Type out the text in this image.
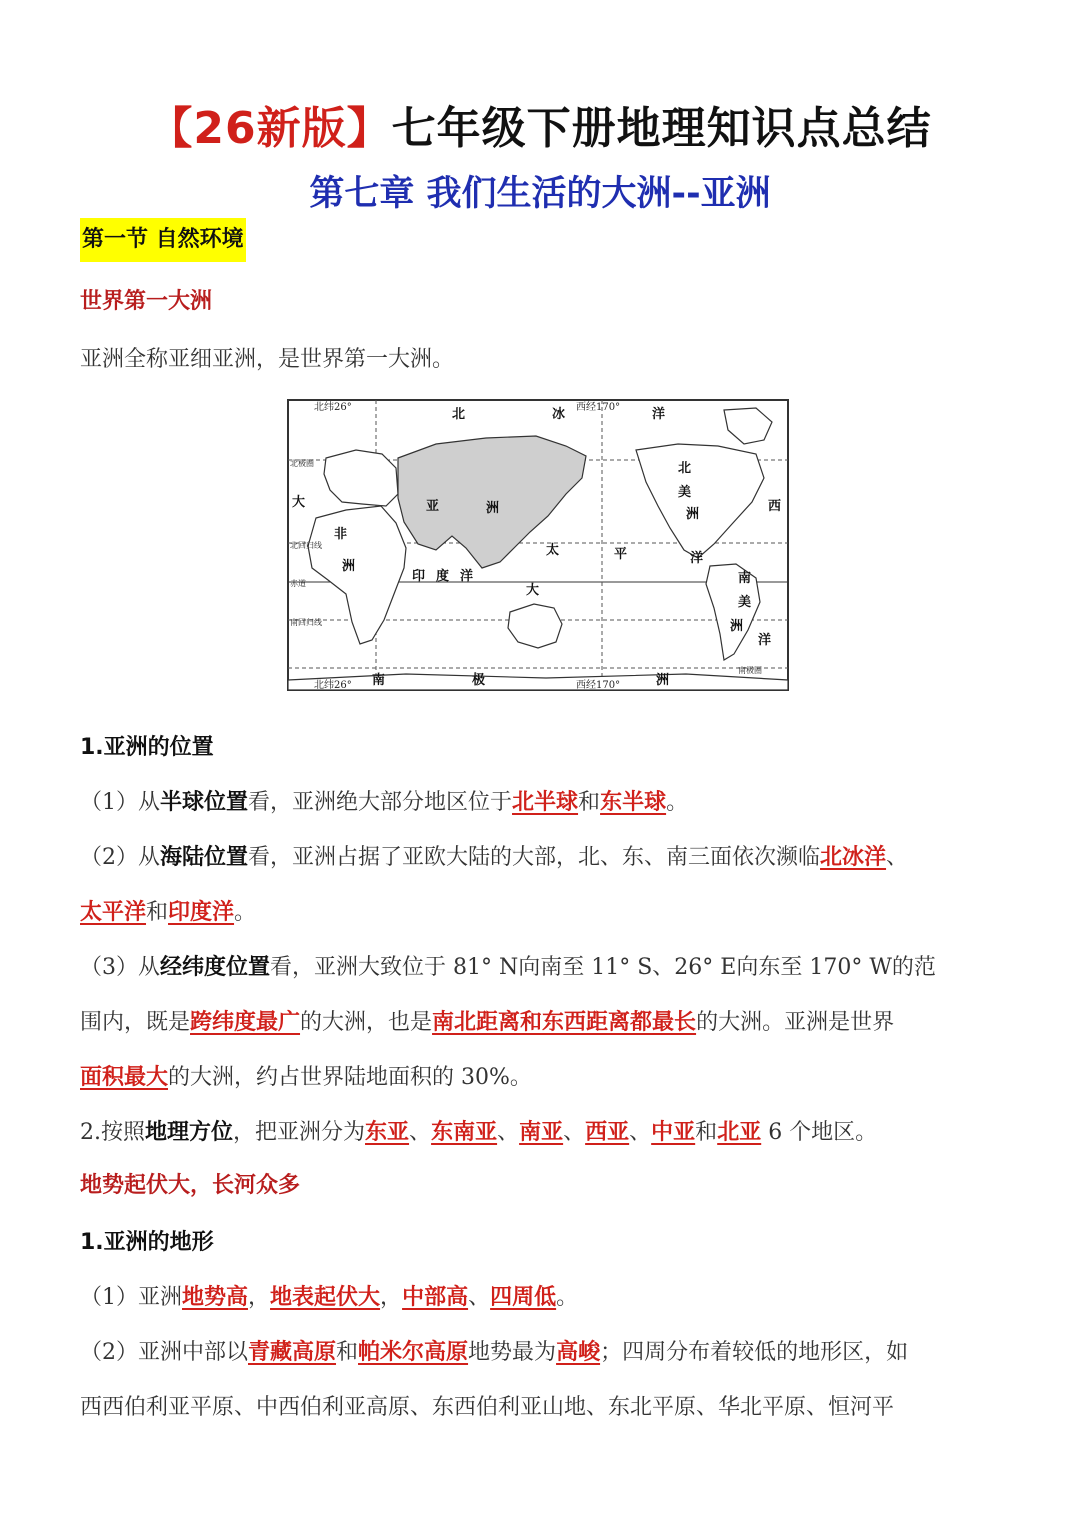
【26新版】七年级下册地理知识点总结
第七章 我们生活的大洲--亚洲
第一节 自然环境
世界第一大洲
亚洲全称亚细亚洲，是世界第一大洲。
北纬26°	西经170°
北纬26°	西经170°
北极圈
赤道
北回归线
南回归线
南极圈
北	冰	洋
亚	洲
非
洲
太	平	洋
印 度 洋
大
北
美
洲
南
美
洲
大	西
洋
南	极	洲
1.亚洲的位置
（1）从半球位置看，亚洲绝大部分地区位于北半球和东半球。
（2）从海陆位置看，亚洲占据了亚欧大陆的大部，北、东、南三面依次濒临北冰洋、
太平洋和印度洋。
（3）从经纬度位置看，亚洲大致位于 81° N向南至 11° S、26° E向东至 170° W的范
围内，既是跨纬度最广的大洲，也是南北距离和东西距离都最长的大洲。亚洲是世界
面积最大的大洲，约占世界陆地面积的 30%。
2.按照地理方位，把亚洲分为东亚、东南亚、南亚、西亚、中亚和北亚 6 个地区。
地势起伏大，长河众多
1.亚洲的地形
（1）亚洲地势高，地表起伏大，中部高、四周低。
（2）亚洲中部以青藏高原和帕米尔高原地势最为高峻；四周分布着较低的地形区，如
西西伯利亚平原、中西伯利亚高原、东西伯利亚山地、东北平原、华北平原、恒河平
